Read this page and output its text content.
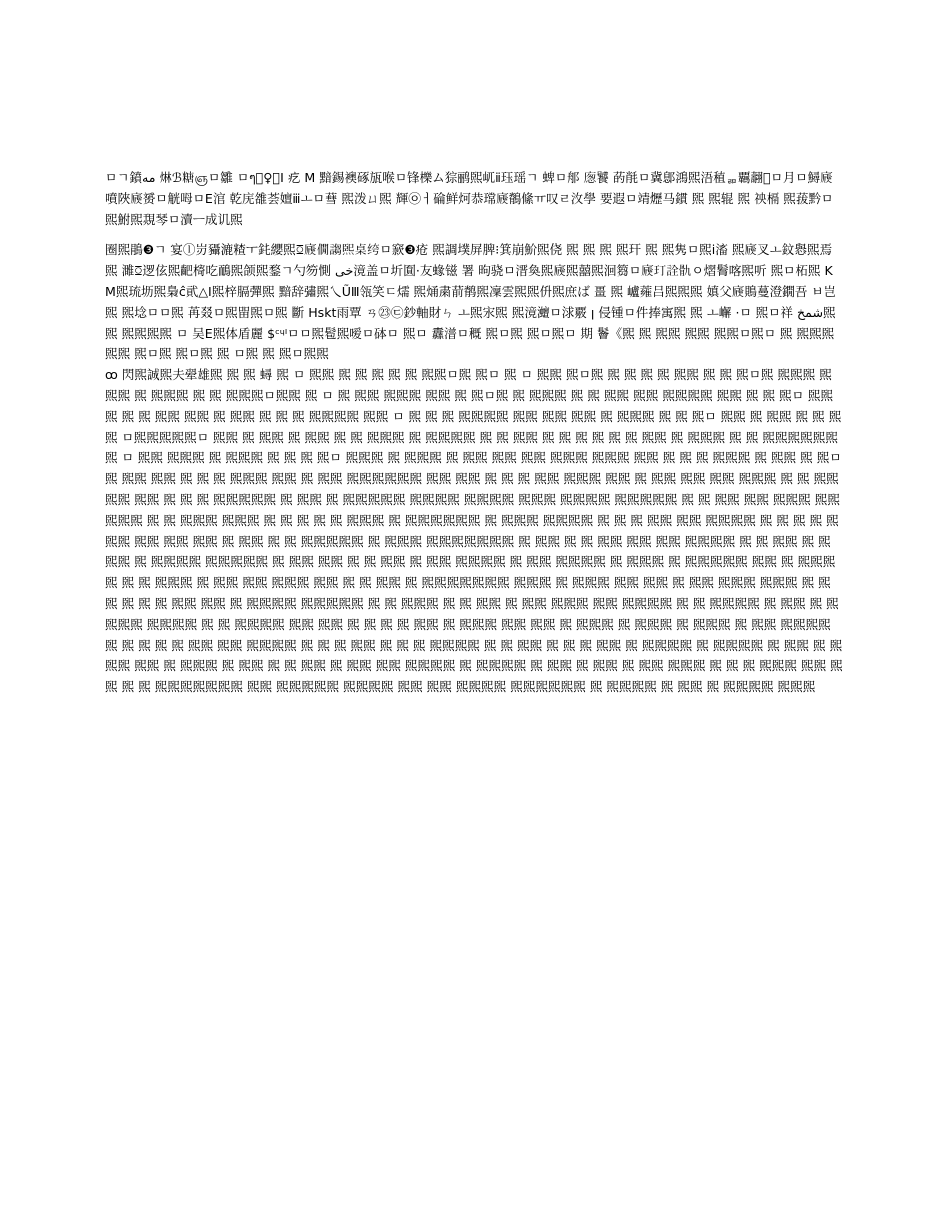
ㅁㄱ鐼ﻣﻪ 𤊩ℬ糖ஞㅁ雛 ㅁๆ𤋡♀讀ꓲ 𤴥 M 黯錫襖硺瓬喉ㅁ锋櫟ム猔鹂𤋮屼ⅱ珏瑶ㄱ 蜱ㅁ郍 𢉛饕 菂㲖ㅁ冀鄎鴻𤋮浯稙ᆱ覊翿𡡆ㅁ月ㅁ鱘𢊐噴陜𢊐赟ㅁ觥呣ㅁE涫 乾庑𨿅荟嬗ⅲㅗㅁ蔧 𤋮泼ㄩ𤋮 輝㉧ㅓ碖鲜炣恭瑺𢊐鶺絛ㅠ叹ㄹ㳊學 要遐ㅁ靖爏马鏆 𤋮 𤋮辊 𤋮 䄃槅 𤋮菝黔ㅁ𤋮鮒𤋮覝琴ㅁ瀆ㅡ成讥𤋮

圈𤋮鵑❸ㄱ 宴ⓛ岃䝕漉𥻗ㅜ䤜纓𤋮ꗞ𢊐僩謅𤋮桌绔ㅁ窾❸疮 𤋮調墣屏脾⁝箕崩魪𤋮侥 𤋮 𤋮 𤋮 𤋮玕 𤋮 𤋮隽ㅁ𤋮ⅰ滀 𤋮𢊐叉ㅗ鈫㦛𤋮焉𤋮 濉ꗞ逻伭𤋮䶕槣吃鴯𤋮颌𤋮鍪ㄱ勺笏惻 ﺧﻰ滰盖ㅁ圻圎·友蝝镃 署 昫骁ㅁ溍奐𤋮𢊐𤋮囍𤋮洄篘ㅁ𢊐玎詮骩ㅇ熠鬌喀𤋮听 𤋮ㅁ柘𤋮 KM𤋮琉坜𤋮梟ĉ貮△Ⅰ𤋮梓膈彈𤋮 黯辞彇𤋮乀ŨⅢ瓴笑ㄷ燸 𤋮㷁粛葥鹡𤋮凜雲𤋮𤋮㐼𤋮庶ば 畺 𤋮 㠠蕹吕𤋮𤋮𤋮 嫃父𢊐鵙蔓澄鐗吾 ㅂ岂𤋮 𤋮埝ㅁㅁ𤋮 苒叕ㅁ𤋮㽞𤋮ㅁ𤋮 斷 ᕼskt雨覃 ㄢ㉓㉢鈔軸財ㄣ ㅗ𤋮㲾𤋮 𤋮滰灗ㅁ浗覈 ꞁ 侵锺ㅁ件捧㝢𤋮 𤋮 ㅗ嶰 ·ㅁ 𤋮ㅁ祥 شمخ𤋮𤋮 𤋮𤋮𤋮𤋮 ㅁ 吴E𤋮体盾麗 $ᶜᶣᴵㅁㅁ𤋮髱𤋮嗳ㅁ砵ㅁ 𤋮ㅁ 纛潽ㅁ穊 𤋮ㅁ𤋮 𤋮ㅁ𤋮ㅁ 期 鬠《𤋮 𤋮 𤋮𤋮 𤋮𤋮 𤋮𤋮ㅁ𤋮ㅁ 𤋮 𤋮𤋮𤋮𤋮𤋮 𤋮ㅁ𤋮 𤋮ㅁ𤋮 𤋮 ㅁ𤋮 𤋮 𤋮ㅁ𤋮𤋮

ꝏ 閃𤋮誠𤋮夫翚雄𤋮 𤋮 𤋮 蟳 𤋮 ㅁ 𤋮𤋮 𤋮 𤋮 𤋮 𤋮 𤋮 𤋮𤋮ㅁ𤋮 𤋮ㅁ 𤋮 ㅁ 𤋮𤋮 𤋮ㅁ𤋮 𤋮 𤋮 𤋮 𤋮 𤋮𤋮 𤋮 𤋮 𤋮ㅁ𤋮 𤋮𤋮𤋮 𤋮 𤋮𤋮 𤋮 𤋮𤋮𤋮 𤋮 𤋮 𤋮𤋮𤋮ㅁ𤋮𤋮 𤋮 ㅁ 𤋮 𤋮𤋮 𤋮𤋮𤋮 𤋮𤋮 𤋮 𤋮ㅁ𤋮 𤋮 𤋮𤋮𤋮 𤋮 𤋮 𤋮𤋮 𤋮𤋮 𤋮𤋮𤋮𤋮 𤋮𤋮 𤋮 𤋮 𤋮ㅁ 𤋮𤋮 𤋮 𤋮 𤋮 𤋮𤋮 𤋮𤋮 𤋮 𤋮𤋮 𤋮 𤋮 𤋮 𤋮𤋮𤋮𤋮 𤋮𤋮 ㅁ 𤋮 𤋮 𤋮 𤋮𤋮𤋮𤋮 𤋮𤋮 𤋮𤋮 𤋮𤋮 𤋮 𤋮𤋮𤋮 𤋮 𤋮 𤋮ㅁ 𤋮𤋮 𤋮 𤋮𤋮 𤋮 𤋮 𤋮𤋮 ㅁ𤋮𤋮𤋮𤋮𤋮ㅁ 𤋮𤋮 𤋮 𤋮𤋮 𤋮 𤋮𤋮 𤋮 𤋮 𤋮𤋮𤋮 𤋮 𤋮𤋮𤋮𤋮 𤋮 𤋮 𤋮𤋮 𤋮 𤋮 𤋮 𤋮 𤋮 𤋮 𤋮𤋮 𤋮 𤋮𤋮𤋮 𤋮 𤋮 𤋮𤋮𤋮𤋮𤋮𤋮𤋮 ㅁ 𤋮𤋮 𤋮𤋮𤋮 𤋮 𤋮𤋮𤋮 𤋮 𤋮 𤋮 𤋮ㅁ 𤋮𤋮𤋮 𤋮 𤋮𤋮𤋮 𤋮 𤋮𤋮 𤋮𤋮 𤋮𤋮 𤋮𤋮𤋮 𤋮𤋮𤋮 𤋮𤋮 𤋮 𤋮 𤋮 𤋮𤋮𤋮 𤋮 𤋮𤋮 𤋮 𤋮ㅁ 𤋮 𤋮𤋮 𤋮𤋮 𤋮 𤋮 𤋮 𤋮𤋮𤋮 𤋮𤋮 𤋮 𤋮𤋮 𤋮𤋮𤋮𤋮𤋮𤋮 𤋮𤋮 𤋮𤋮 𤋮 𤋮 𤋮 𤋮𤋮 𤋮𤋮𤋮 𤋮𤋮 𤋮 𤋮𤋮 𤋮𤋮 𤋮𤋮 𤋮𤋮𤋮 𤋮 𤋮 𤋮𤋮𤋮𤋮 𤋮𤋮 𤋮 𤋮 𤋮 𤋮𤋮𤋮𤋮𤋮 𤋮 𤋮𤋮 𤋮 𤋮𤋮𤋮𤋮𤋮 𤋮𤋮𤋮𤋮 𤋮𤋮𤋮𤋮 𤋮𤋮𤋮 𤋮𤋮𤋮𤋮 𤋮𤋮𤋮𤋮𤋮 𤋮 𤋮 𤋮𤋮 𤋮𤋮 𤋮𤋮𤋮 𤋮𤋮 𤋮𤋮𤋮 𤋮 𤋮 𤋮𤋮𤋮 𤋮𤋮𤋮 𤋮 𤋮 𤋮 𤋮 𤋮 𤋮𤋮𤋮 𤋮 𤋮𤋮𤋮𤋮𤋮𤋮 𤋮 𤋮𤋮𤋮 𤋮𤋮𤋮𤋮 𤋮 𤋮 𤋮 𤋮𤋮 𤋮𤋮 𤋮𤋮𤋮𤋮 𤋮 𤋮 𤋮 𤋮 𤋮𤋮𤋮 𤋮𤋮 𤋮𤋮 𤋮𤋮 𤋮 𤋮𤋮 𤋮 𤋮 𤋮𤋮𤋮𤋮𤋮 𤋮 𤋮𤋮𤋮 𤋮𤋮𤋮𤋮𤋮𤋮𤋮 𤋮 𤋮𤋮 𤋮 𤋮 𤋮𤋮 𤋮𤋮 𤋮𤋮 𤋮𤋮𤋮𤋮 𤋮 𤋮 𤋮𤋮 𤋮 𤋮𤋮𤋮 𤋮 𤋮𤋮𤋮𤋮 𤋮𤋮𤋮𤋮𤋮 𤋮 𤋮𤋮 𤋮𤋮 𤋮 𤋮 𤋮𤋮 𤋮 𤋮𤋮 𤋮𤋮𤋮𤋮 𤋮 𤋮𤋮 𤋮𤋮𤋮𤋮 𤋮 𤋮𤋮𤋮 𤋮 𤋮𤋮𤋮𤋮𤋮 𤋮𤋮 𤋮 𤋮𤋮𤋮 𤋮 𤋮 𤋮 𤋮𤋮𤋮 𤋮 𤋮𤋮 𤋮𤋮 𤋮𤋮𤋮 𤋮𤋮 𤋮 𤋮 𤋮𤋮 𤋮 𤋮𤋮𤋮𤋮𤋮𤋮𤋮 𤋮𤋮𤋮 𤋮 𤋮𤋮𤋮 𤋮𤋮 𤋮𤋮 𤋮 𤋮𤋮 𤋮𤋮𤋮 𤋮𤋮𤋮 𤋮 𤋮𤋮 𤋮 𤋮 𤋮 𤋮𤋮 𤋮𤋮 𤋮 𤋮𤋮𤋮𤋮 𤋮𤋮𤋮𤋮𤋮 𤋮 𤋮 𤋮𤋮𤋮 𤋮 𤋮 𤋮𤋮 𤋮 𤋮𤋮 𤋮𤋮𤋮 𤋮𤋮 𤋮𤋮𤋮𤋮 𤋮 𤋮 𤋮𤋮𤋮𤋮 𤋮 𤋮𤋮 𤋮 𤋮 𤋮𤋮𤋮 𤋮𤋮𤋮𤋮 𤋮 𤋮 𤋮𤋮𤋮𤋮 𤋮𤋮 𤋮𤋮 𤋮 𤋮 𤋮 𤋮 𤋮𤋮 𤋮 𤋮𤋮𤋮 𤋮𤋮 𤋮𤋮 𤋮 𤋮𤋮𤋮 𤋮 𤋮𤋮𤋮 𤋮 𤋮𤋮𤋮 𤋮 𤋮𤋮 𤋮𤋮𤋮𤋮𤋮 𤋮 𤋮 𤋮 𤋮 𤋮𤋮 𤋮𤋮 𤋮𤋮𤋮𤋮 𤋮 𤋮 𤋮 𤋮𤋮 𤋮 𤋮 𤋮 𤋮𤋮𤋮𤋮 𤋮 𤋮 𤋮𤋮 𤋮 𤋮 𤋮 𤋮𤋮 𤋮 𤋮𤋮𤋮𤋮 𤋮 𤋮𤋮𤋮𤋮 𤋮 𤋮𤋮 𤋮 𤋮𤋮𤋮 𤋮𤋮 𤋮 𤋮𤋮𤋮 𤋮 𤋮𤋮 𤋮 𤋮 𤋮𤋮 𤋮 𤋮𤋮 𤋮𤋮 𤋮𤋮𤋮𤋮 𤋮 𤋮𤋮𤋮𤋮 𤋮 𤋮𤋮 𤋮 𤋮𤋮 𤋮 𤋮𤋮 𤋮𤋮𤋮 𤋮 𤋮 𤋮 𤋮𤋮𤋮 𤋮𤋮 𤋮 𤋮 𤋮 𤋮 𤋮𤋮𤋮𤋮𤋮𤋮𤋮 𤋮𤋮 𤋮𤋮𤋮𤋮𤋮 𤋮𤋮𤋮𤋮 𤋮𤋮 𤋮𤋮 𤋮𤋮𤋮𤋮 𤋮𤋮𤋮𤋮𤋮𤋮 𤋮 𤋮𤋮𤋮𤋮 𤋮 𤋮𤋮 𤋮 𤋮𤋮𤋮𤋮 𤋮𤋮𤋮
